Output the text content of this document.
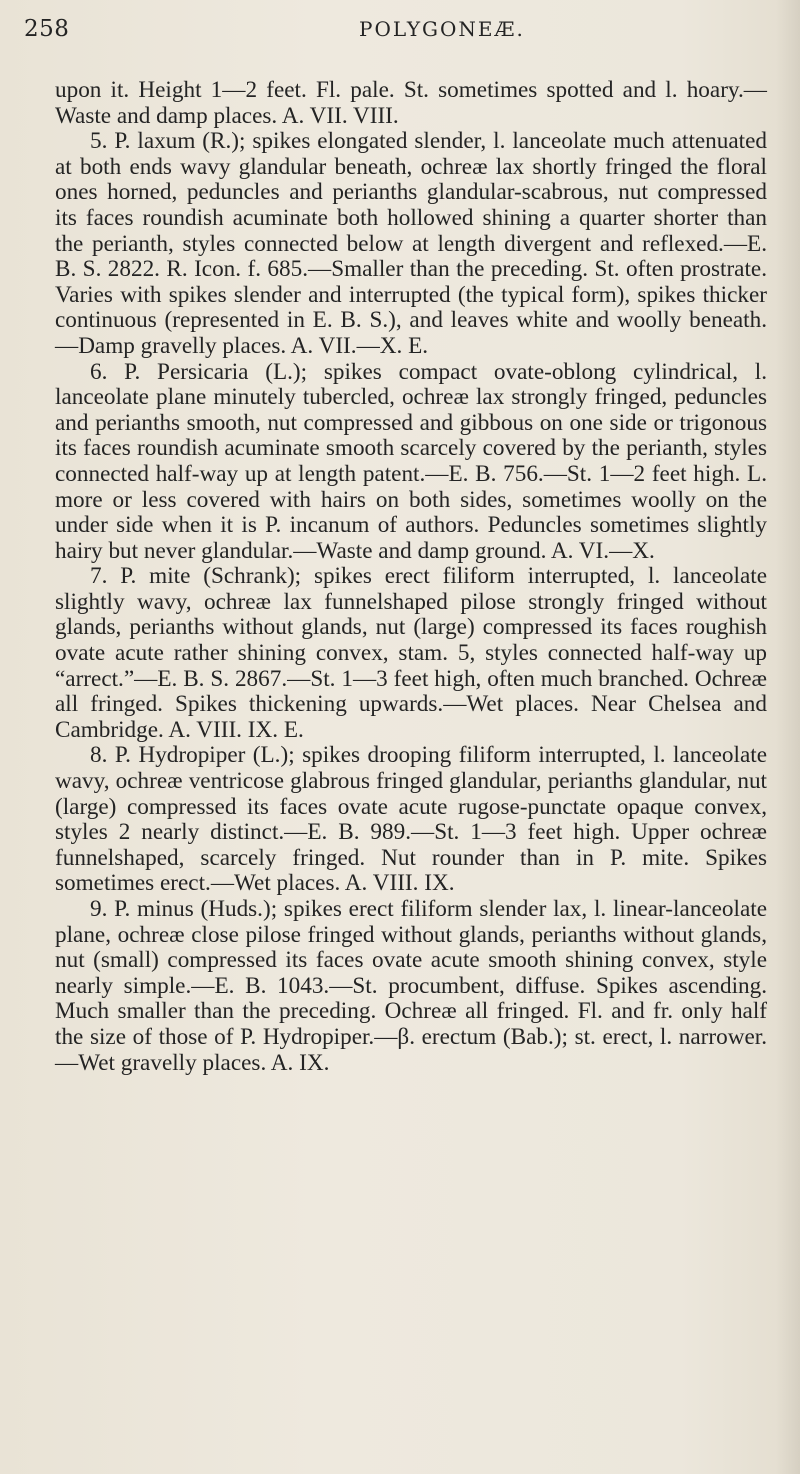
258	POLYGONEÆ.

upon it. Height 1—2 feet. Fl. pale. St. sometimes spotted and l. hoary.—Waste and damp places. A. VII. VIII.

5. P. laxum (R.); spikes elongated slender, l. lanceolate much attenuated at both ends wavy glandular beneath, ochreæ lax shortly fringed the floral ones horned, peduncles and perianths glandular-scabrous, nut compressed its faces roundish acuminate both hollowed shining a quarter shorter than the perianth, styles connected below at length divergent and reflexed.—E. B. S. 2822. R. Icon. f. 685.—Smaller than the preceding. St. often prostrate. Varies with spikes slender and interrupted (the typical form), spikes thicker continuous (represented in E. B. S.), and leaves white and woolly beneath.—Damp gravelly places. A. VII.—X. E.

6. P. Persicaria (L.); spikes compact ovate-oblong cylindrical, l. lanceolate plane minutely tubercled, ochreæ lax strongly fringed, peduncles and perianths smooth, nut compressed and gibbous on one side or trigonous its faces roundish acuminate smooth scarcely covered by the perianth, styles connected half-way up at length patent.—E. B. 756.—St. 1—2 feet high. L. more or less covered with hairs on both sides, sometimes woolly on the under side when it is P. incanum of authors. Peduncles sometimes slightly hairy but never glandular.—Waste and damp ground. A. VI.—X.

7. P. mite (Schrank); spikes erect filiform interrupted, l. lanceolate slightly wavy, ochreæ lax funnelshaped pilose strongly fringed without glands, perianths without glands, nut (large) compressed its faces roughish ovate acute rather shining convex, stam. 5, styles connected half-way up “arrect.”—E. B. S. 2867.—St. 1—3 feet high, often much branched. Ochreæ all fringed. Spikes thickening upwards.—Wet places. Near Chelsea and Cambridge. A. VIII. IX. E.

8. P. Hydropiper (L.); spikes drooping filiform interrupted, l. lanceolate wavy, ochreæ ventricose glabrous fringed glandular, perianths glandular, nut (large) compressed its faces ovate acute rugose-punctate opaque convex, styles 2 nearly distinct.—E. B. 989.—St. 1—3 feet high. Upper ochreæ funnelshaped, scarcely fringed. Nut rounder than in P. mite. Spikes sometimes erect.—Wet places. A. VIII. IX.

9. P. minus (Huds.); spikes erect filiform slender lax, l. linear-lanceolate plane, ochreæ close pilose fringed without glands, perianths without glands, nut (small) compressed its faces ovate acute smooth shining convex, style nearly simple.—E. B. 1043.—St. procumbent, diffuse. Spikes ascending. Much smaller than the preceding. Ochreæ all fringed. Fl. and fr. only half the size of those of P. Hydropiper.—β. erectum (Bab.); st. erect, l. narrower.—Wet gravelly places. A. IX.
